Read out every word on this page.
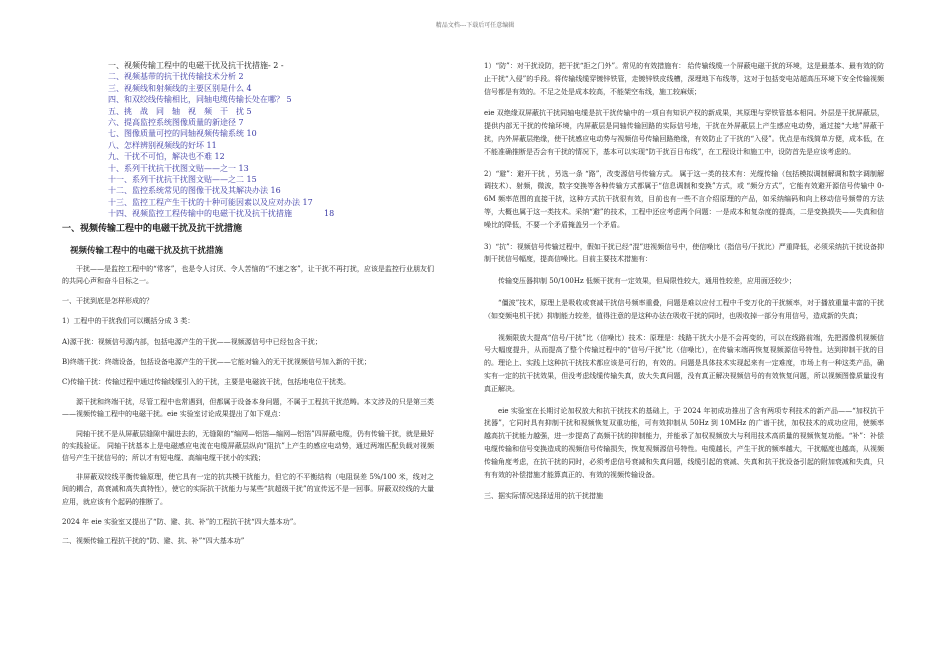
精品文档---下载后可任意编辑
一、视频传输工程中的电磁干扰及抗干扰措施- 2 -
二、视频基带的抗干扰传输技术分析 2
三、视频线和射频线的主要区别是什么 4
四、和双绞线传输相比，同轴电缆传输长处在哪？ 5
五、挑　战　同　轴　视　频　干　扰 5
六、提高监控系统图像质量的新途径 7
七、图像质量可控的同轴视频传输系统 10
八、怎样辨别视频线的好坏 11
九、干扰不可怕，解决也不难 12
十、系列干扰抗干扰图文贴——之一 13
十一、系列干扰抗干扰图文贴——之二 15
十二、监控系统常见的图像干扰及其解决办法 16
十三、监控工程产生干扰的十种可能因素以及应对办法 17
十四、视频监控工程传输中的电磁干扰及抗干扰措施　　　　18
一、视频传输工程中的电磁干扰及抗干扰措施
视频传输工程中的电磁干扰及抗干扰措施

干扰——是监控工程中的“常客”，也是令人讨厌、令人苦恼的“不速之客”，让干扰不再打扰，应该是监控行业朋友们的共同心声和奋斗目标之一。

一、干扰到底是怎样形成的？

1）工程中的干扰我们可以概括分成 3 类：

A)源干扰：视频信号源内部，包括电源产生的干扰——视频源信号中已经包含干扰；

B)终端干扰：终端设备，包括设备电源产生的干扰——它能对输入的无干扰视频信号加入新的干扰；

C)传输干扰：传输过程中通过传输线缆引入的干扰，主要是电磁波干扰，包括地电位干扰类。

源干扰和终端干扰，尽管工程中也常遇到，但都属于设备本身问题，不属于工程抗干扰范畴。本文涉及的只是第三类——视频传输工程中的电磁干扰。eie 实验室讨论成果提出了如下观点：

同轴干扰不是从屏蔽层缝隙中漏进去的，无缝隙的“编网—铝箔—编网—铝箔”四屏蔽电缆，仍有传输干扰，就是最好的实践验证。 同轴干扰基本上是电磁感应电流在电缆屏蔽层纵向“阻抗”上产生的感应电动势，通过两端匹配负载对视频信号产生干扰信号的；所以才有短电缆、高编电缆干扰小的实践；

非屏蔽双绞线平衡传输原理，使它具有一定的抗共模干扰能力，但它的不平衡结构（电阻误差 5%/100 米，线对之间的耦合，高衰减和高失真特性），使它的实际抗干扰能力与某些“抗超级干扰”的宣传远不是一回事。屏蔽双绞线的大量应用，就应该有个起码的推断了。

2024 年 eie 实验室又提出了“防、避、抗、补”的工程抗干扰“四大基本功”。

二、视频传输工程抗干扰的“防、避、抗、补”“四大基本功”

1）“防”：对干扰设防，把干扰“拒之门外”。常见的有效措施有： 给传输线缆一个屏蔽电磁干扰的环境，这是最基本、最有效的防止干扰“入侵”的手段。将传输线缆穿镀锌铁管，走镀锌铁皮线槽，深埋地下布线等，这对于包括变电站超高压环境下安全传输视频信号都是有效的。不足之处是成本较高，不能架空布线，施工较麻烦；

eie 双绝缘双屏蔽抗干扰同轴电缆是抗干扰传输中的一项自有知识产权的新成果，其原理与穿铁管基本相同。外层是干扰屏蔽层，提供内部无干扰的传输环境，内屏蔽层是同轴传输回路的实际信号地，干扰在外屏蔽层上产生感应电动势，通过接“大地”屏蔽干扰，内外屏蔽层绝缘，使干扰感应电动势与视频信号传输回路绝缘，有效防止了干扰的“入侵”。优点是布线简单方便，成本低，在不能准确推断是否会有干扰的情况下，基本可以实现“防干扰百日布线”，在工程设计和施工中，设防首先是应该考虑的。

2）“避”：避开干扰 ，另选一条 “路”，改变源信号传输方式。 属于这一类的技术有：光缆传输（包括模拟调制解调和数字调制解调技术）、射频，微波，数字变换等各种传输方式都属于“信息调制和变换”方式，或 “频分方式”，它能有效避开源信号传输中 0-6M 频率范围的直接干扰，这种方式抗干扰很有效，目前也有一些不言介绍原理的产品，如采纳编码和向上移动信号频带的方法等，大概也属于这一类技术。采纳“避”的技术，工程中还应考虑两个问题：一是成本和复杂度的提高，二是变换损失——失真和信噪比的降低，不要一个矛盾掩盖另一个矛盾。

3）“抗”：视频信号传输过程中，假如干扰已经“混”进视频信号中，使信噪比（指信号/干扰比）严重降低，必须采纳抗干扰设备抑制干扰信号幅度，提高信噪比。目前主要技术措施有：

传输变压器抑制 50/100Hz 低频干扰有一定效果，但局限性较大，通用性较差，应用面还较少；

“僵波”技术，原理上是吸收或衰减干扰信号频率重叠，问题是难以应付工程中千变万化的干扰频率，对于播放重量丰富的干扰（如变频电机干扰）抑制能力较差，值得注意的是这种办法在吸收干扰的同时，也吸收掉一部分有用信号，造成新的失真；

视频限放大提高“信号/干扰”比（信噪比）技术：原理是：线路干扰大小是不会再变的，可以在线路前端，先把源像机视频信号大幅度提升，从而提高了整个传输过程中的“信号/干扰”比（信噪比），在传输末端再恢复视频源信号特性。达到抑制干扰的目的。理论上、实践上这种抗干扰技术都应该是可行的，有效的。问题是具体技术实现起来有一定难度，市场上有一种这类产品，确实有一定的抗干扰效果，但没考虑线缆传输失真，放大失真问题，没有真正解决视频信号的有效恢复问题，所以视频图像质量没有真正解决。

eie 实验室在长期讨论加权放大和抗干扰技术的基础上，于 2024 年初成功推出了含有两项专利技术的新产品——“加权抗干扰器”，它同时具有抑制干扰和视频恢复双重功能，可有效抑制从 50Hz 到 10MHz 的广谱干扰，加权技术的成功应用，使频率越高抗干扰能力越强，进一步提高了高频干扰的抑制能力，并能承了加权视频放大与利用技术高质量的视频恢复功能。“补”：补偿电缆传输和信号变换造成的视频信号传输损失，恢复视频源信号特性。电缆越长，产生干扰的频率越大，干扰幅度也越高，从视频传输角度考虑，在抗干扰的同时，必须考虑信号衰减和失真问题，线缆引起的衰减、失真和抗干扰设备引起的附加衰减和失真，只有有效的补偿措施才能算真正的、有效的视频传输设备。

三、据实际情况选择适用的抗干扰措施
